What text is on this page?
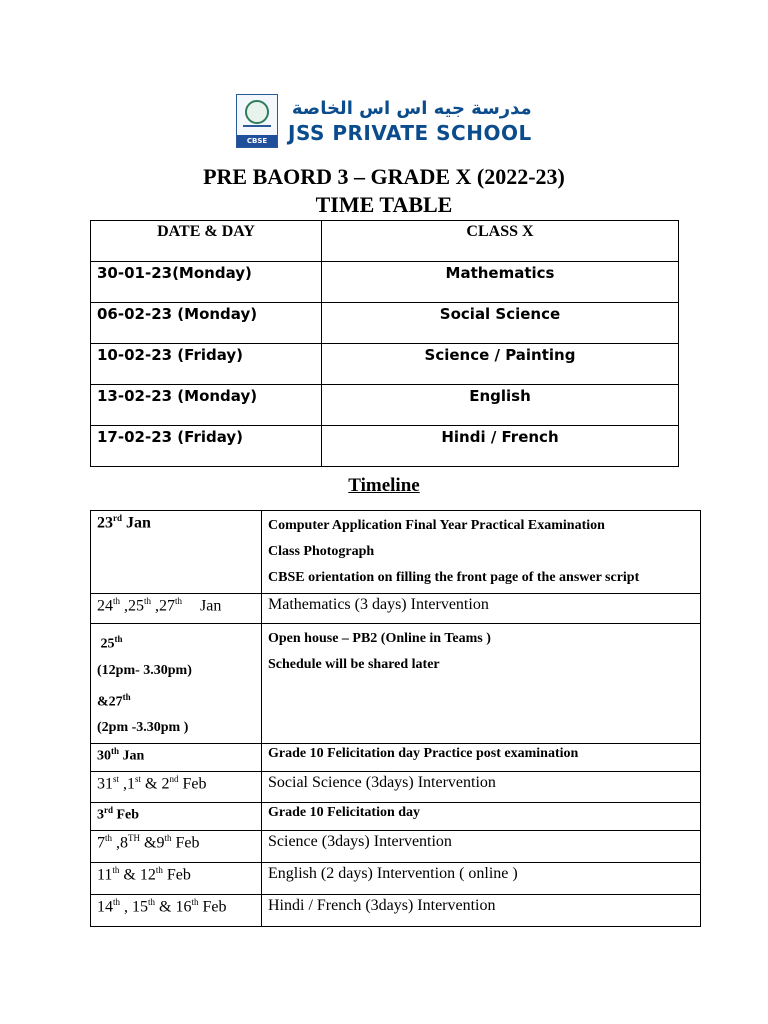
CBSE
مدرسة جيه اس اس الخاصة
JSS PRIVATE SCHOOL
PRE BAORD 3 – GRADE X (2022-23)
TIME TABLE
DATE & DAY	CLASS X
30-01-23(Monday)	Mathematics
06-02-23 (Monday)	Social Science
10-02-23 (Friday)	Science / Painting
13-02-23 (Monday)	English
17-02-23 (Friday)	Hindi / French
Timeline
23rd Jan	Computer Application Final Year Practical Examination
Class Photograph
CBSE orientation on filling the front page of the answer script

24th ,25th ,27th Jan	Mathematics (3 days) Intervention

25th
(12pm- 3.30pm)
&27th
(2pm -3.30pm )	Open house – PB2 (Online in Teams )
Schedule will be shared later

30th Jan	Grade 10 Felicitation day Practice post examination
31st ,1st & 2nd Feb	Social Science (3days) Intervention
3rd Feb	Grade 10 Felicitation day
7th ,8TH &9th Feb	Science (3days) Intervention
11th & 12th Feb	English (2 days) Intervention ( online )
14th , 15th & 16th Feb	Hindi / French (3days) Intervention
